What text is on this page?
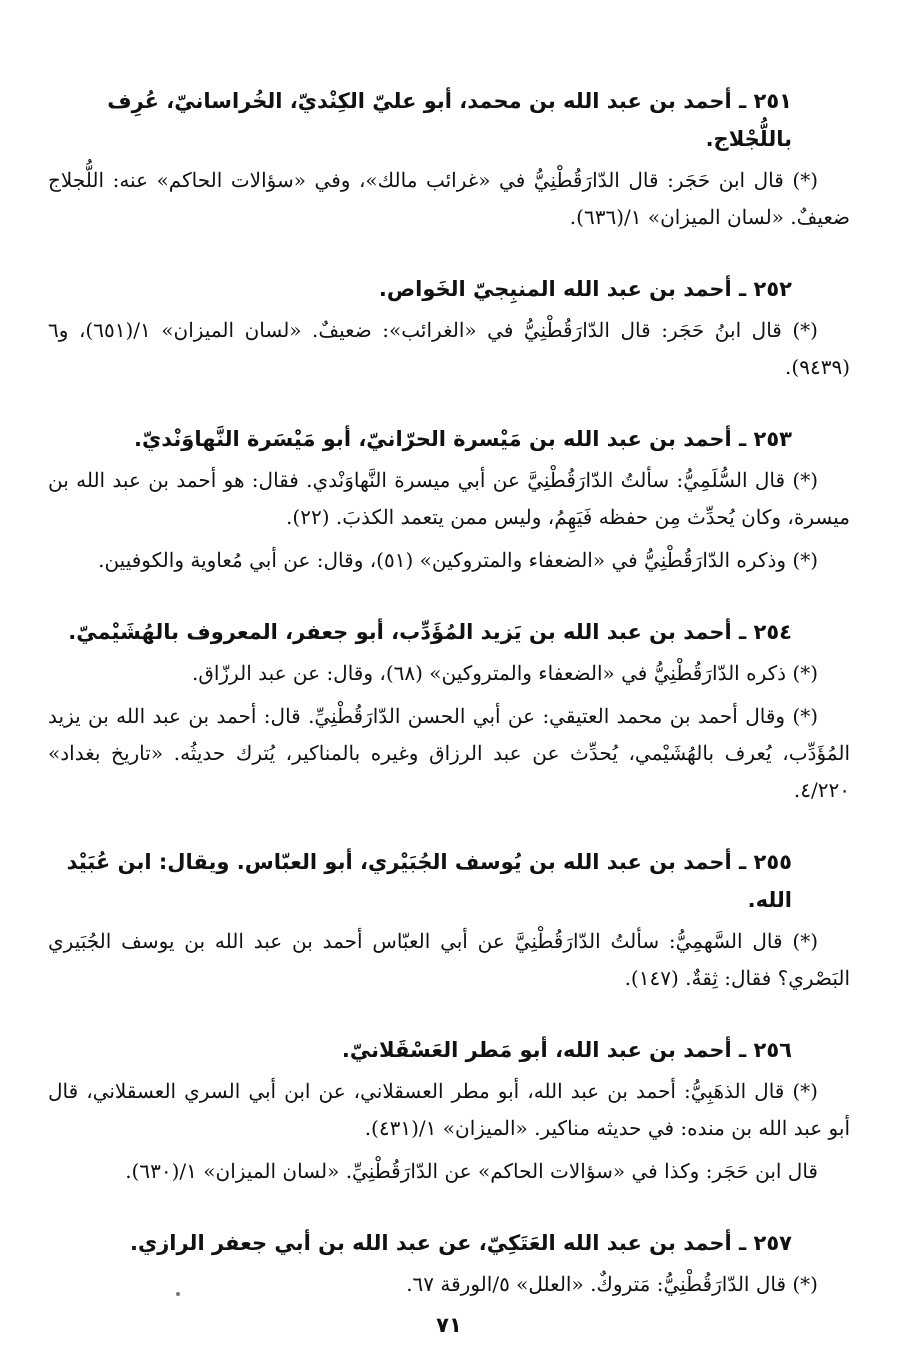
٢٥١ ـ أحمد بن عبد الله بن محمد، أبو عليّ الكِنْديّ، الخُراسانيّ، عُرِف باللُّجْلاج.

(*) قال ابن حَجَر: قال الدّارَقُطْنِيُّ في «غرائب مالك»، وفي «سؤالات الحاكم» عنه: اللُّجلاج ضعيفٌ. «لسان الميزان» ١/(٦٣٦).

٢٥٢ ـ أحمد بن عبد الله المنبِجيّ الخَواص.

(*) قال ابنُ حَجَر: قال الدّارَقُطْنِيُّ في «الغرائب»: ضعيفٌ. «لسان الميزان» ١/(٦٥١)، و٦ (٩٤٣٩).

٢٥٣ ـ أحمد بن عبد الله بن مَيْسرة الحرّانيّ، أبو مَيْسَرة النَّهاوَنْديّ.

(*) قال السُّلَمِيُّ: سألتُ الدّارَقُطْنِيَّ عن أبي ميسرة النَّهاوَنْدي. فقال: هو أحمد بن عبد الله بن ميسرة، وكان يُحدِّث مِن حفظه فَيَهِمُ، وليس ممن يتعمد الكذبَ. (٢٢).

(*) وذكره الدّارَقُطْنِيُّ في «الضعفاء والمتروكين» (٥١)، وقال: عن أبي مُعاوية والكوفيين.

٢٥٤ ـ أحمد بن عبد الله بن يَزيد المُؤَدِّب، أبو جعفر، المعروف بالهُشَيْميّ.

(*) ذكره الدّارَقُطْنِيُّ في «الضعفاء والمتروكين» (٦٨)، وقال: عن عبد الرزّاق.

(*) وقال أحمد بن محمد العتيقي: عن أبي الحسن الدّارَقُطْنِيِّ. قال: أحمد بن عبد الله بن يزيد المُؤَدِّب، يُعرف بالهُشَيْمي، يُحدِّث عن عبد الرزاق وغيره بالمناكير، يُترك حديثُه. «تاريخ بغداد» ٤/٢٢٠.

٢٥٥ ـ أحمد بن عبد الله بن يُوسف الجُبَيْري، أبو العبّاس. ويقال: ابن عُبَيْد الله.

(*) قال السَّهمِيُّ: سألتُ الدّارَقُطْنِيَّ عن أبي العبّاس أحمد بن عبد الله بن يوسف الجُبَيري البَصْري؟ فقال: ثِقةٌ. (١٤٧).

٢٥٦ ـ أحمد بن عبد الله، أبو مَطر العَسْقَلانيّ.

(*) قال الذهَبِيُّ: أحمد بن عبد الله، أبو مطر العسقلاني، عن ابن أبي السري العسقلاني، قال أبو عبد الله بن منده: في حديثه مناكير. «الميزان» ١/(٤٣١).

قال ابن حَجَر: وكذا في «سؤالات الحاكم» عن الدّارَقُطْنِيِّ. «لسان الميزان» ١/(٦٣٠).

٢٥٧ ـ أحمد بن عبد الله العَتَكِيّ، عن عبد الله بن أبي جعفر الرازي.

(*) قال الدّارَقُطْنِيُّ: مَتروكٌ. «العلل» ٥/الورقة ٦٧.

٧١
